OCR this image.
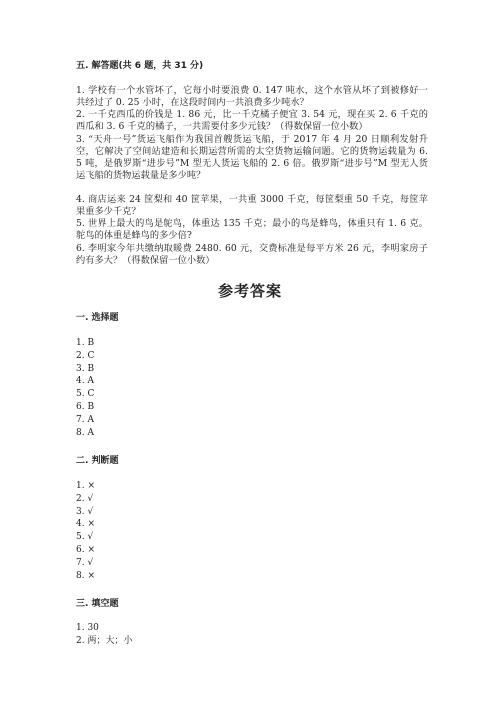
五. 解答题(共 6 题，共 31 分)
1. 学校有一个水管坏了，它每小时要浪费 0. 147 吨水，这个水管从坏了到被修好一共经过了 0. 25 小时，在这段时间内一共浪费多少吨水？
2. 一千克西瓜的价钱是 1. 86 元，比一千克橘子便宜 3. 54 元，现在买 2. 6 千克的西瓜和 3. 6 千克的橘子，一共需要付多少元钱？（得数保留一位小数）
3. “天舟一号”货运飞船作为我国首艘货运飞船，于 2017 年 4 月 20 日顺利发射升空，它解决了空间站建造和长期运营所需的太空货物运输问题。它的货物运载量为 6. 5 吨，是俄罗斯“进步号”M 型无人货运飞船的 2. 6 倍。俄罗斯“进步号”M 型无人货运飞船的货物运载量是多少吨？
4. 商店运来 24 筐梨和 40 筐苹果，一共重 3000 千克，每筐梨重 50 千克，每筐苹果重多少千克？
5. 世界上最大的鸟是鸵鸟，体重达 135 千克；最小的鸟是蜂鸟，体重只有 1. 6 克。鸵鸟的体重是蜂鸟的多少倍?
6. 李明家今年共缴纳取暖费 2480. 60 元，交费标准是每平方米 26 元，李明家房子约有多大？（得数保留一位小数）
参考答案
一. 选择题
1. B
2. C
3. B
4. A
5. C
6. B
7. A
8. A
二. 判断题
1. ×
2. √
3. √
4. ×
5. √
6. ×
7. √
8. ×
三. 填空题
1. 30
2. 两；大；小
